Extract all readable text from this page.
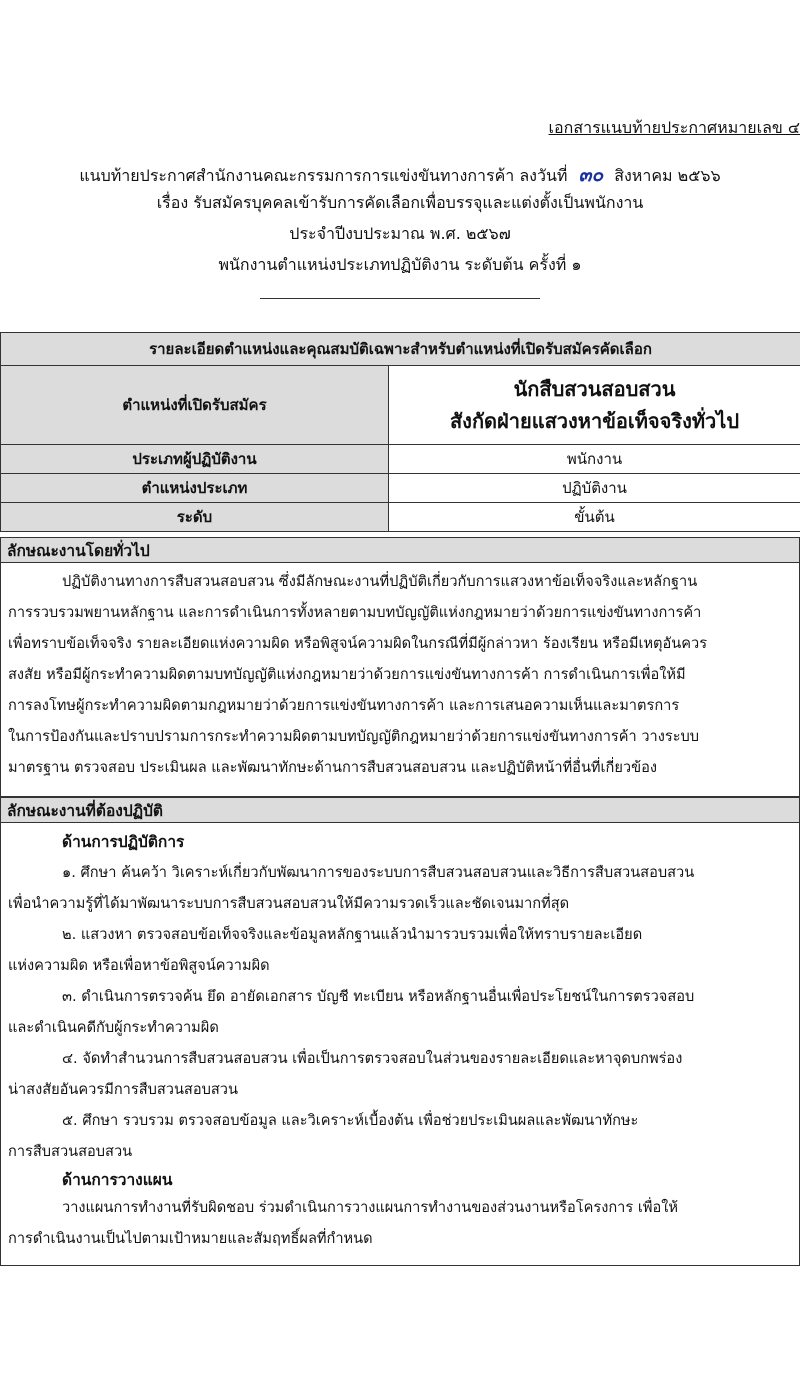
เอกสารแนบท้ายประกาศหมายเลข ๔
แนบท้ายประกาศสำนักงานคณะกรรมการการแข่งขันทางการค้า ลงวันที่ ๓๐ สิงหาคม ๒๕๖๖
เรื่อง รับสมัครบุคคลเข้ารับการคัดเลือกเพื่อบรรจุและแต่งตั้งเป็นพนักงาน
ประจำปีงบประมาณ พ.ศ. ๒๕๖๗
พนักงานตำแหน่งประเภทปฏิบัติงาน ระดับต้น ครั้งที่ ๑
รายละเอียดตำแหน่งและคุณสมบัติเฉพาะสำหรับตำแหน่งที่เปิดรับสมัครคัดเลือก	
ตำแหน่งที่เปิดรับสมัคร	นักสืบสวนสอบสวน
สังกัดฝ่ายแสวงหาข้อเท็จจริงทั่วไป

ประเภทผู้ปฏิบัติงาน	พนักงาน
ตำแหน่งประเภท	ปฏิบัติงาน
ระดับ	ขั้นต้น
ลักษณะงานโดยทั่วไป
ปฏิบัติงานทางการสืบสวนสอบสวน ซึ่งมีลักษณะงานที่ปฏิบัติเกี่ยวกับการแสวงหาข้อเท็จจริงและหลักฐาน
การรวบรวมพยานหลักฐาน และการดำเนินการทั้งหลายตามบทบัญญัติแห่งกฎหมายว่าด้วยการแข่งขันทางการค้า
เพื่อทราบข้อเท็จจริง รายละเอียดแห่งความผิด หรือพิสูจน์ความผิดในกรณีที่มีผู้กล่าวหา ร้องเรียน หรือมีเหตุอันควร
สงสัย หรือมีผู้กระทำความผิดตามบทบัญญัติแห่งกฎหมายว่าด้วยการแข่งขันทางการค้า การดำเนินการเพื่อให้มี
การลงโทษผู้กระทำความผิดตามกฎหมายว่าด้วยการแข่งขันทางการค้า และการเสนอความเห็นและมาตรการ
ในการป้องกันและปราบปรามการกระทำความผิดตามบทบัญญัติกฎหมายว่าด้วยการแข่งขันทางการค้า วางระบบ
มาตรฐาน ตรวจสอบ ประเมินผล และพัฒนาทักษะด้านการสืบสวนสอบสวน และปฏิบัติหน้าที่อื่นที่เกี่ยวข้อง
ลักษณะงานที่ต้องปฏิบัติ
ด้านการปฏิบัติการ
๑. ศึกษา ค้นคว้า วิเคราะห์เกี่ยวกับพัฒนาการของระบบการสืบสวนสอบสวนและวิธีการสืบสวนสอบสวน
เพื่อนำความรู้ที่ได้มาพัฒนาระบบการสืบสวนสอบสวนให้มีความรวดเร็วและชัดเจนมากที่สุด
๒. แสวงหา ตรวจสอบข้อเท็จจริงและข้อมูลหลักฐานแล้วนำมารวบรวมเพื่อให้ทราบรายละเอียด
แห่งความผิด หรือเพื่อหาข้อพิสูจน์ความผิด
๓. ดำเนินการตรวจค้น ยึด อายัดเอกสาร บัญชี ทะเบียน หรือหลักฐานอื่นเพื่อประโยชน์ในการตรวจสอบ
และดำเนินคดีกับผู้กระทำความผิด
๔. จัดทำสำนวนการสืบสวนสอบสวน เพื่อเป็นการตรวจสอบในส่วนของรายละเอียดและหาจุดบกพร่อง
น่าสงสัยอันควรมีการสืบสวนสอบสวน
๕. ศึกษา รวบรวม ตรวจสอบข้อมูล และวิเคราะห์เบื้องต้น เพื่อช่วยประเมินผลและพัฒนาทักษะ
การสืบสวนสอบสวน
ด้านการวางแผน
วางแผนการทำงานที่รับผิดชอบ ร่วมดำเนินการวางแผนการทำงานของส่วนงานหรือโครงการ เพื่อให้
การดำเนินงานเป็นไปตามเป้าหมายและสัมฤทธิ์ผลที่กำหนด
